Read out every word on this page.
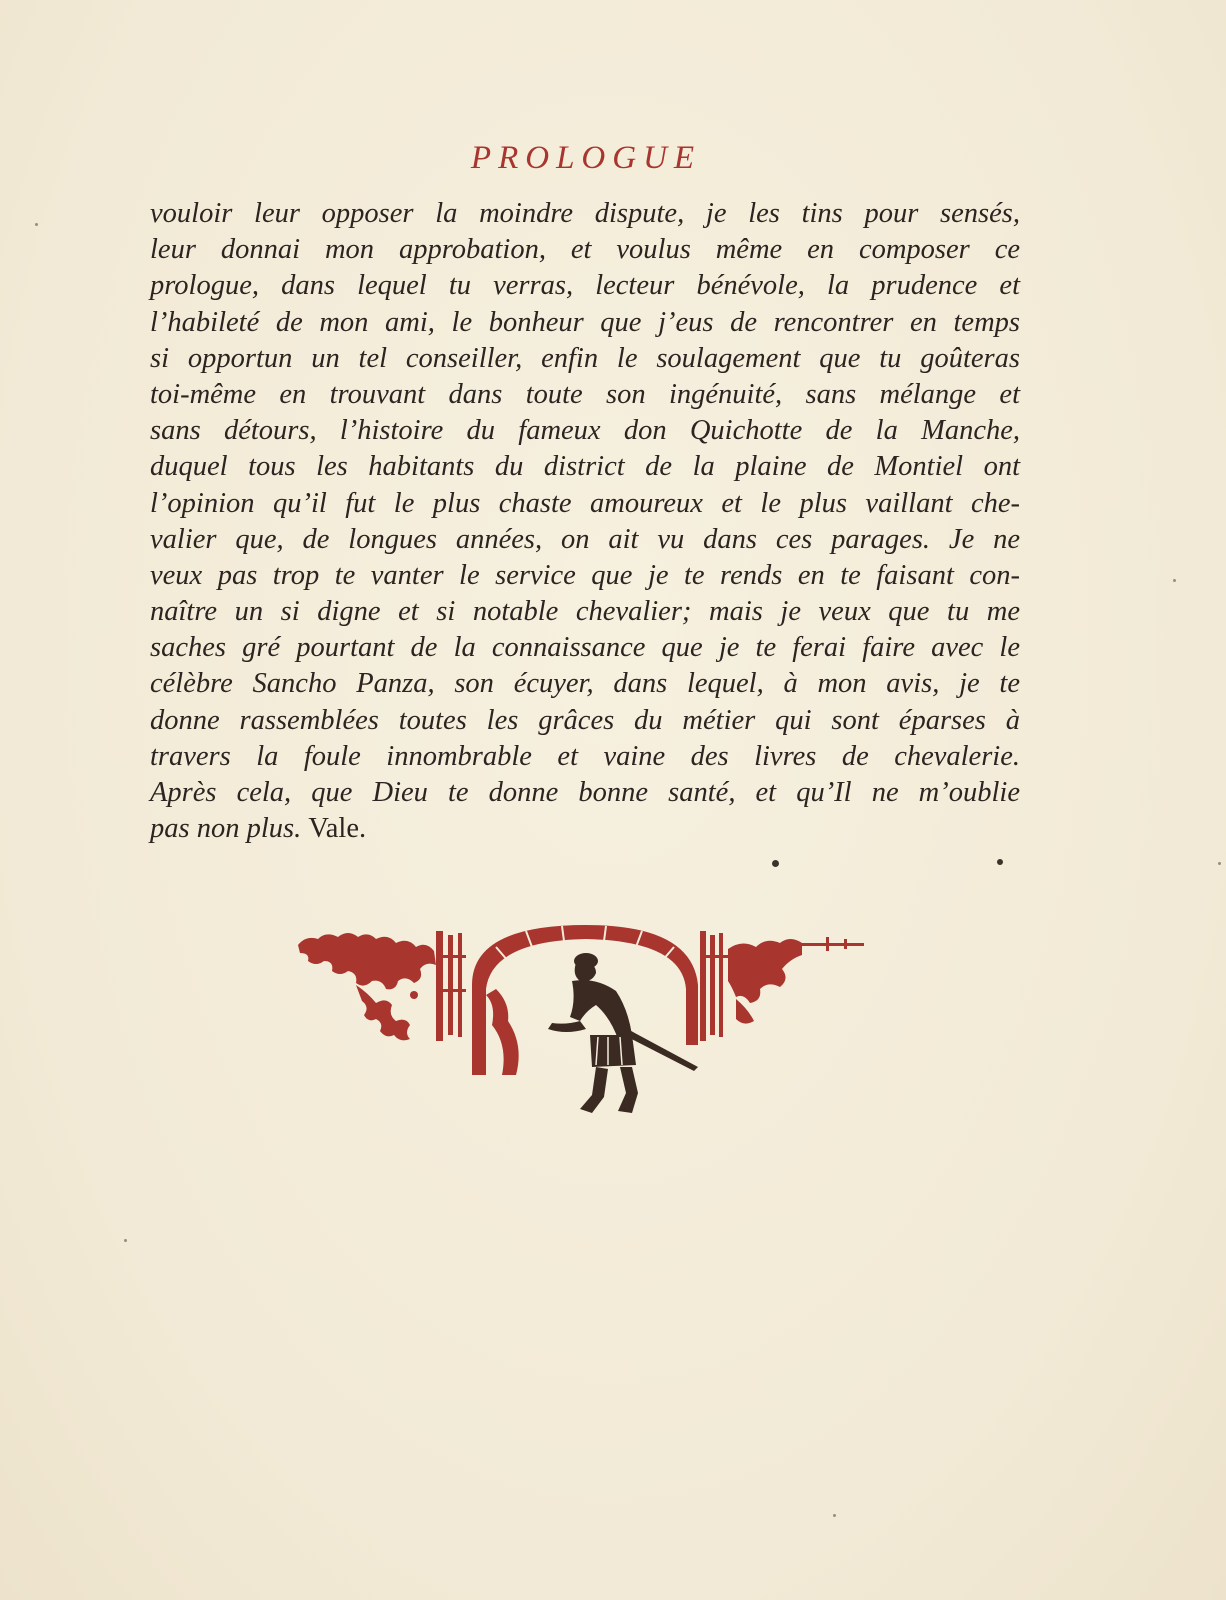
PROLOGUE
vouloir leur opposer la moindre dispute, je les tins pour sensés,
leur donnai mon approbation, et voulus même en composer ce
prologue, dans lequel tu verras, lecteur bénévole, la prudence et
l’habileté de mon ami, le bonheur que j’eus de rencontrer en temps
si opportun un tel conseiller, enfin le soulagement que tu goûteras
toi-même en trouvant dans toute son ingénuité, sans mélange et
sans détours, l’histoire du fameux don Quichotte de la Manche,
duquel tous les habitants du district de la plaine de Montiel ont
l’opinion qu’il fut le plus chaste amoureux et le plus vaillant che-
valier que, de longues années, on ait vu dans ces parages. Je ne
veux pas trop te vanter le service que je te rends en te faisant con-
naître un si digne et si notable chevalier; mais je veux que tu me
saches gré pourtant de la connaissance que je te ferai faire avec le
célèbre Sancho Panza, son écuyer, dans lequel, à mon avis, je te
donne rassemblées toutes les grâces du métier qui sont éparses à
travers la foule innombrable et vaine des livres de chevalerie.
Après cela, que Dieu te donne bonne santé, et qu’Il ne m’oublie
pas non plus. Vale.
